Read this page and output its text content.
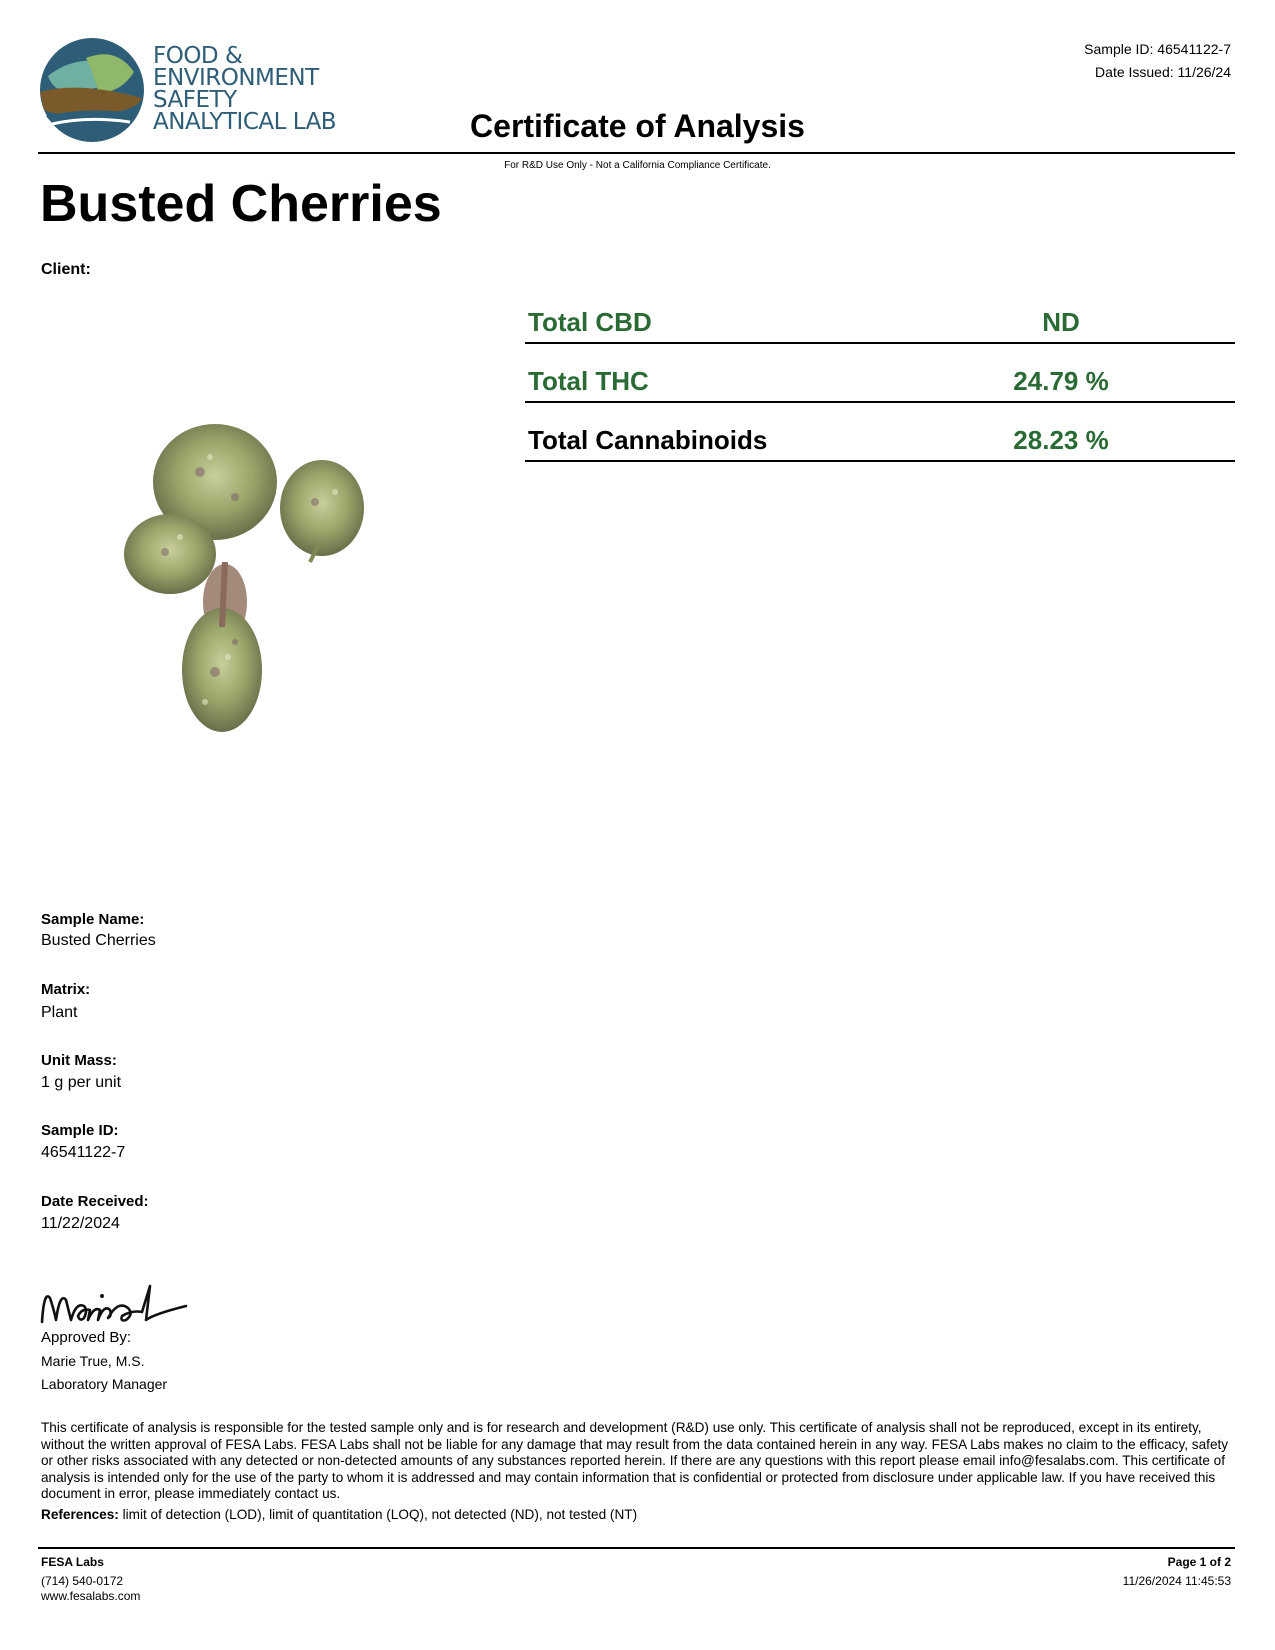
FOOD &
ENVIRONMENT
SAFETY
ANALYTICAL LAB
Sample ID: 46541122-7
Date Issued: 11/26/24
Certificate of Analysis
For R&D Use Only - Not a California Compliance Certificate.
Busted Cherries
Client:
Total CBD	ND
Total THC	24.79 %
Total Cannabinoids	28.23 %
Sample Name:
Busted Cherries
Matrix:
Plant
Unit Mass:
1 g per unit
Sample ID:
46541122-7
Date Received:
11/22/2024
Approved By:
Marie True, M.S.
Laboratory Manager
This certificate of analysis is responsible for the tested sample only and is for research and development (R&D) use only. This certificate of analysis shall not be reproduced, except in its entirety, without the written approval of FESA Labs. FESA Labs shall not be liable for any damage that may result from the data contained herein in any way. FESA Labs makes no claim to the efficacy, safety or other risks associated with any detected or non-detected amounts of any substances reported herein. If there are any questions with this report please email info@fesalabs.com. This certificate of analysis is intended only for the use of the party to whom it is addressed and may contain information that is confidential or protected from disclosure under applicable law. If you have received this document in error, please immediately contact us.
References: limit of detection (LOD), limit of quantitation (LOQ), not detected (ND), not tested (NT)
FESA Labs
(714) 540-0172
www.fesalabs.com
Page 1 of 2
11/26/2024 11:45:53
